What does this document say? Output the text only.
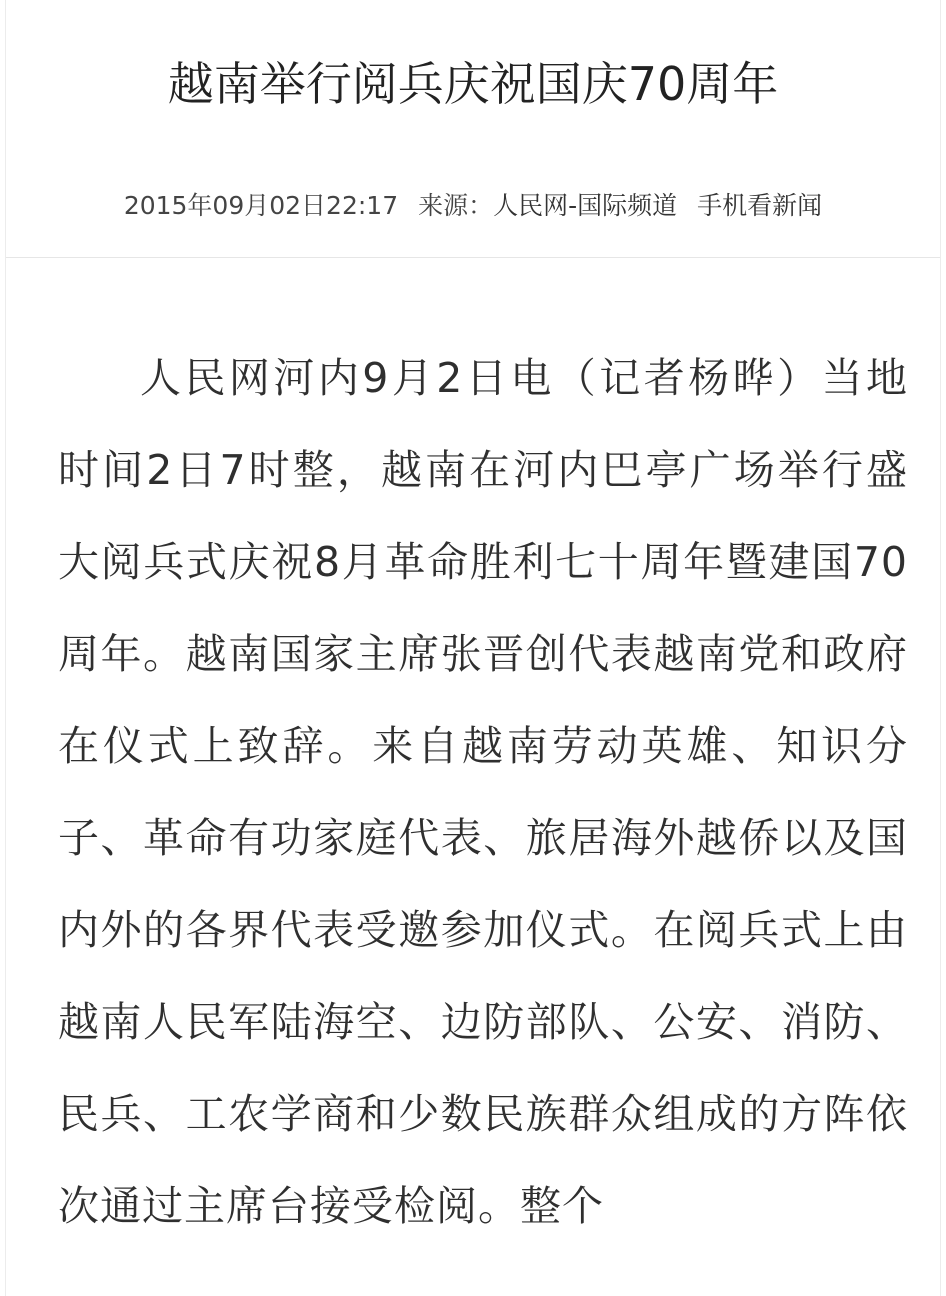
越南举行阅兵庆祝国庆70周年
2015年09月02日22:17 来源：人民网-国际频道 手机看新闻

人民网河内9月2日电（记者杨晔）当地时间2日7时整，越南在河内巴亭广场举行盛大阅兵式庆祝8月革命胜利七十周年暨建国70周年。越南国家主席张晋创代表越南党和政府在仪式上致辞。来自越南劳动英雄、知识分子、革命有功家庭代表、旅居海外越侨以及国内外的各界代表受邀参加仪式。在阅兵式上由越南人民军陆海空、边防部队、公安、消防、民兵、工农学商和少数民族群众组成的方阵依次通过主席台接受检阅。整个
